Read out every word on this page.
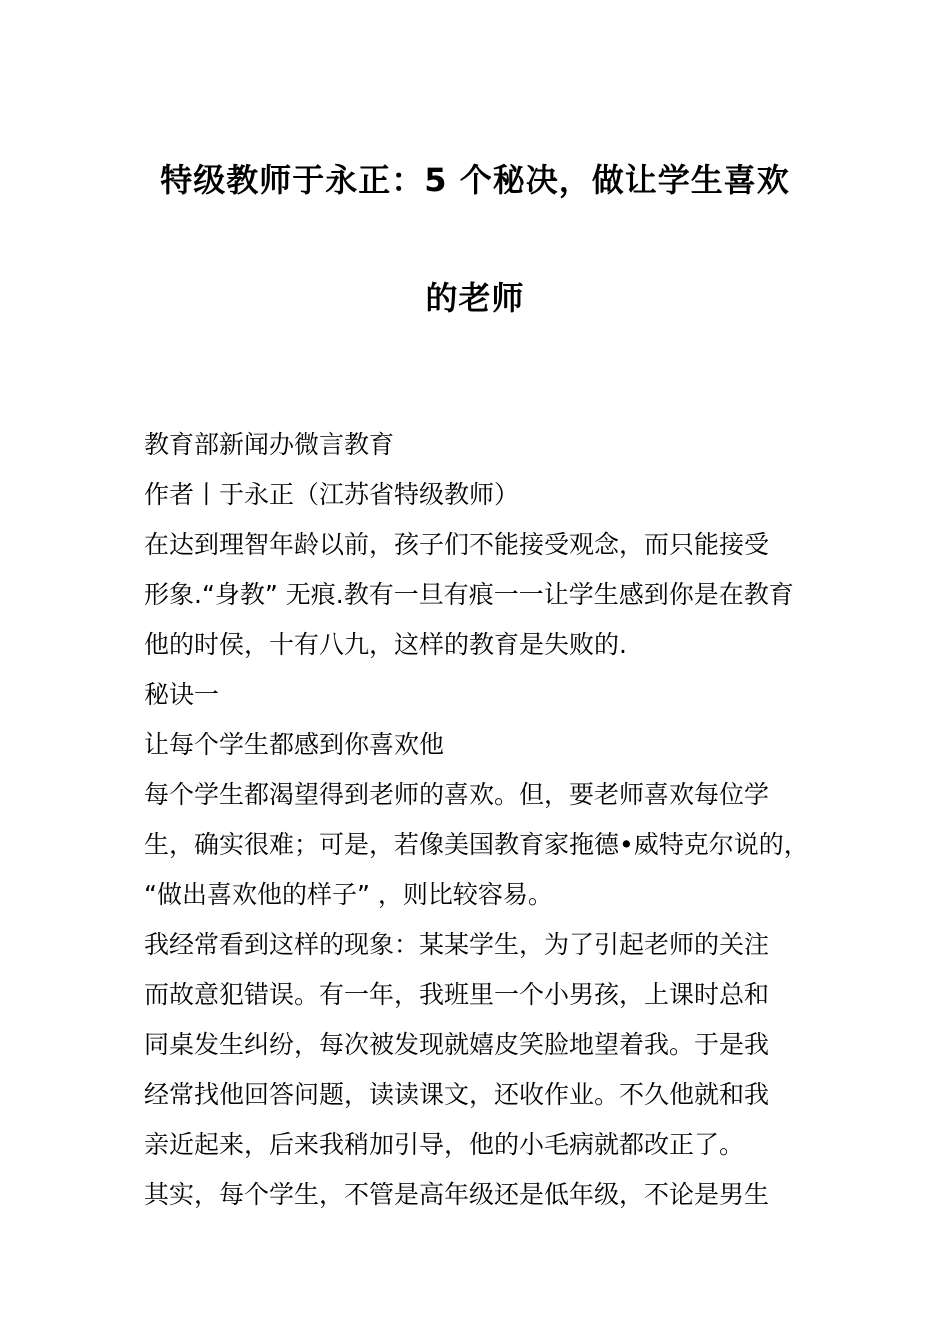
特级教师于永正：5 个秘决，做让学生喜欢
的老师
教育部新闻办微言教育
作者丨于永正（江苏省特级教师）
在达到理智年龄以前，孩子们不能接受观念，而只能接受
形象.“身教” 无痕.教有一旦有痕一一让学生感到你是在教育
他的时侯，十有八九，这样的教育是失败的.
秘诀一
让每个学生都感到你喜欢他
每个学生都渴望得到老师的喜欢。但，要老师喜欢每位学
生，确实很难；可是，若像美国教育家拖德•威特克尔说的，
“做出喜欢他的样子” ，则比较容易。
我经常看到这样的现象：某某学生，为了引起老师的关注
而故意犯错误。有一年，我班里一个小男孩，上课时总和
同桌发生纠纷，每次被发现就嬉皮笑脸地望着我。于是我
经常找他回答问题，读读课文，还收作业。不久他就和我
亲近起来，后来我稍加引导，他的小毛病就都改正了。
其实，每个学生，不管是高年级还是低年级，不论是男生
